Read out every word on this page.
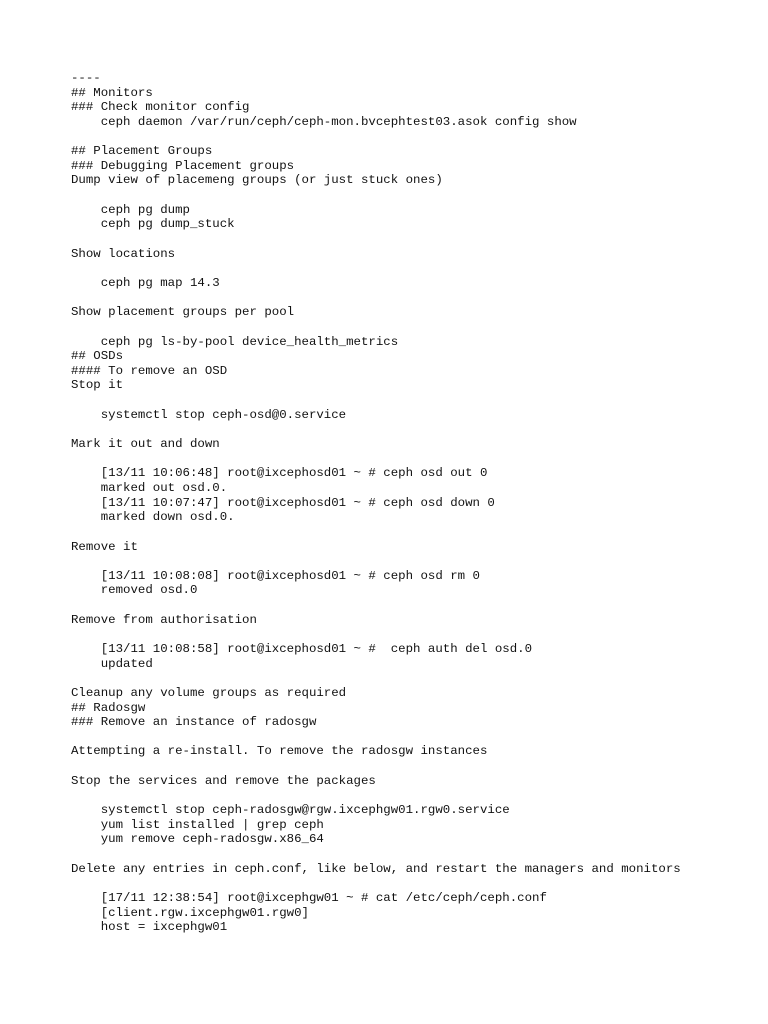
----
## Monitors
### Check monitor config
ceph daemon /var/run/ceph/ceph-mon.bvcephtest03.asok config show
## Placement Groups
### Debugging Placement groups
Dump view of placemeng groups (or just stuck ones)
ceph pg dump
ceph pg dump_stuck
Show locations
ceph pg map 14.3
Show placement groups per pool
ceph pg ls-by-pool device_health_metrics
## OSDs
#### To remove an OSD
Stop it
systemctl stop ceph-osd@0.service
Mark it out and down
[13/11 10:06:48] root@ixcephosd01 ~ # ceph osd out 0
marked out osd.0.
[13/11 10:07:47] root@ixcephosd01 ~ # ceph osd down 0
marked down osd.0.
Remove it
[13/11 10:08:08] root@ixcephosd01 ~ # ceph osd rm 0
removed osd.0
Remove from authorisation
[13/11 10:08:58] root@ixcephosd01 ~ #  ceph auth del osd.0
updated
Cleanup any volume groups as required
## Radosgw
### Remove an instance of radosgw
Attempting a re-install. To remove the radosgw instances
Stop the services and remove the packages
systemctl stop ceph-radosgw@rgw.ixcephgw01.rgw0.service
yum list installed | grep ceph
yum remove ceph-radosgw.x86_64
Delete any entries in ceph.conf, like below, and restart the managers and monitors
[17/11 12:38:54] root@ixcephgw01 ~ # cat /etc/ceph/ceph.conf
[client.rgw.ixcephgw01.rgw0]
host = ixcephgw01
